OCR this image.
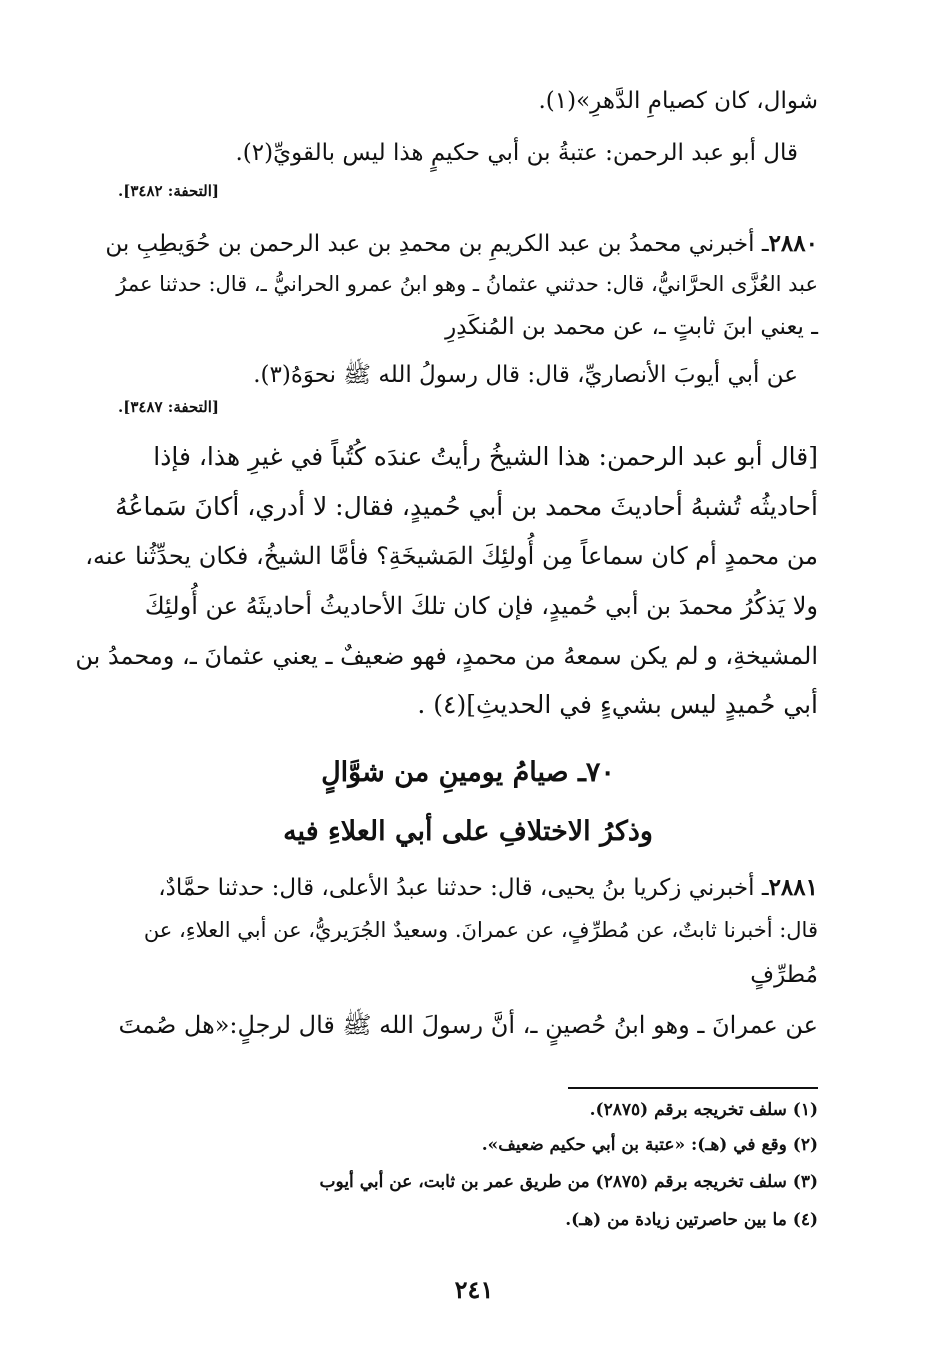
شوال، كان كصيامِ الدَّهرِ»(١).
قال أبو عبد الرحمن: عتبةُ بن أبي حكيمٍ هذا ليس بالقويِّ(٢).
[التحفة: ٣٤٨٢].
٢٨٨٠ـ أخبرني محمدُ بن عبد الكريمِ بن محمدِ بن عبد الرحمن بن حُوَيطِبِ بن
عبد العُزَّى الحرَّانيُّ، قال: حدثني عثمانُ ـ وهو ابنُ عمرو الحرانيُّ ـ، قال: حدثنا عمرُ
ـ يعني ابنَ ثابتٍ ـ، عن محمد بن المُنكَدِرِ
عن أبي أيوبَ الأنصاريِّ، قال: قال رسولُ الله ﷺ نحوَهُ(٣).
[التحفة: ٣٤٨٧].
[قال أبو عبد الرحمن: هذا الشيخُ رأيتُ عندَه كُتُباً في غيرِ هذا، فإذا
أحاديثُه تُشبهُ أحاديثَ محمد بن أبي حُميدٍ، فقال: لا أدري، أكانَ سَماعُهُ
من محمدٍ أم كان سماعاً مِن أُولئِكَ المَشيخَةِ؟ فأمَّا الشيخُ، فكان يحدِّثُنا عنه،
ولا يَذكُرُ محمدَ بن أبي حُميدٍ، فإن كان تلكَ الأحاديثُ أحاديثَهُ عن أُولئِكَ
المشيخةِ، و لم يكن سمعهُ من محمدٍ، فهو ضعيفٌ ـ يعني عثمانَ ـ، ومحمدُ بن
أبي حُميدٍ ليس بشيءٍ في الحديثِ](٤) .
٧٠ـ صيامُ يومينِ من شوَّالٍ
وذكرُ الاختلافِ على أبي العلاءِ فيه
٢٨٨١ـ أخبرني زكريا بنُ يحيى، قال: حدثنا عبدُ الأعلى، قال: حدثنا حمَّادٌ،
قال: أخبرنا ثابتٌ، عن مُطرِّفٍ، عن عمرانَ. وسعيدٌ الجُرَيريُّ، عن أبي العلاءِ، عن
مُطرِّفٍ
عن عمرانَ ـ وهو ابنُ حُصينٍ ـ، أنَّ رسولَ الله ﷺ قال لرجلٍ:«هل صُمتَ
(١) سلف تخريجه برقم (٢٨٧٥).
(٢) وقع في (هـ): «عتبة بن أبي حكيم ضعيف».
(٣) سلف تخريجه برقم (٢٨٧٥) من طريق عمر بن ثابت، عن أبي أيوب
(٤) ما بين حاصرتين زيادة من (هـ).
٢٤١
